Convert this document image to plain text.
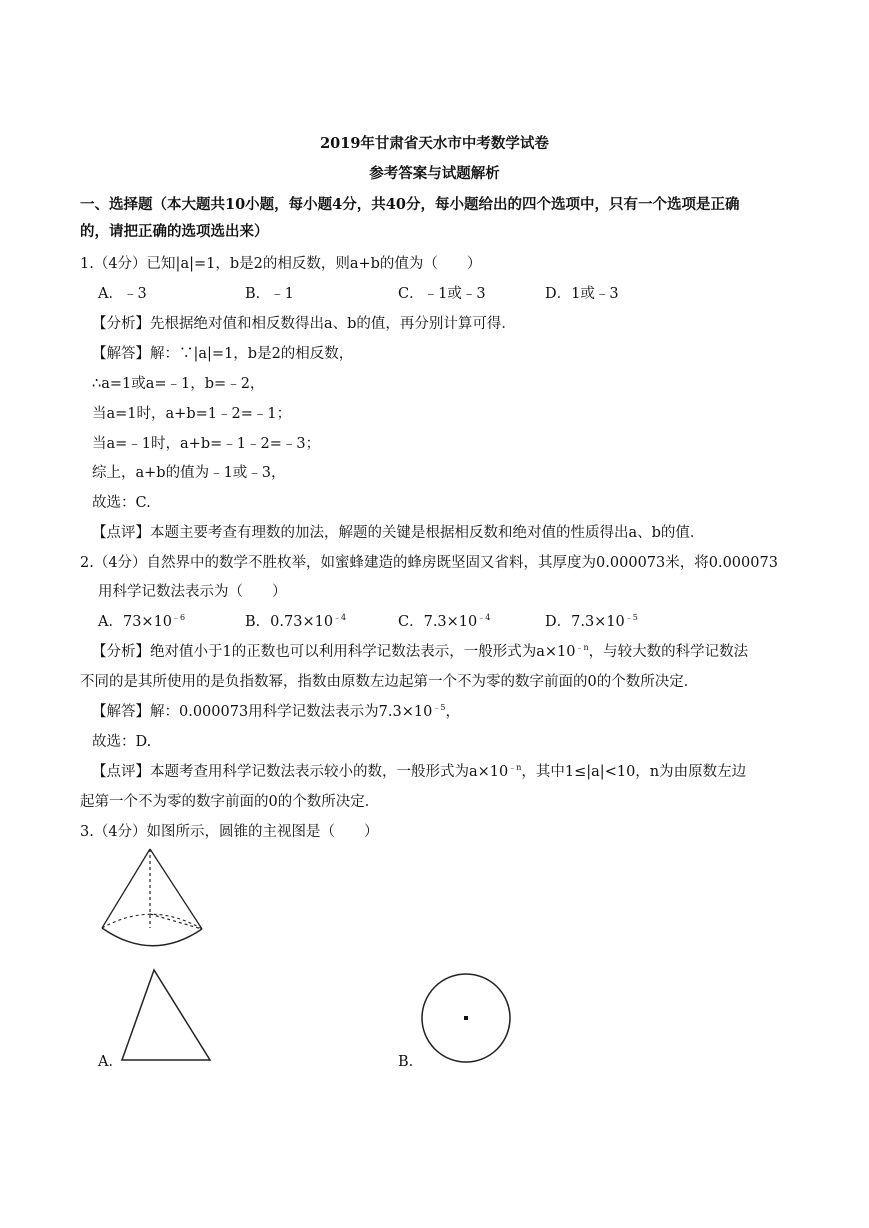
2019年甘肃省天水市中考数学试卷
参考答案与试题解析
一、选择题（本大题共10小题，每小题4分，共40分，每小题给出的四个选项中，只有一个选项是正确
的，请把正确的选项选出来）
1.（4分）已知|a|=1，b是2的相反数，则a+b的值为（　　）
A．﹣3	B．﹣1	C．﹣1或﹣3	D．1或﹣3
【分析】先根据绝对值和相反数得出a、b的值，再分别计算可得．
【解答】解：∵|a|=1，b是2的相反数，
∴a=1或a=﹣1，b=﹣2，
当a=1时，a+b=1﹣2=﹣1；
当a=﹣1时，a+b=﹣1﹣2=﹣3；
综上，a+b的值为﹣1或﹣3，
故选：C.
【点评】本题主要考查有理数的加法，解题的关键是根据相反数和绝对值的性质得出a、b的值．
2.（4分）自然界中的数学不胜枚举，如蜜蜂建造的蜂房既坚固又省料，其厚度为0.000073米，将0.000073
用科学记数法表示为（　　）
A．$73\times 10^{﹣6}$	B．$0.73\times 10^{﹣4}$	C．$7.3\times 10^{﹣4}$	D．$7.3\times 10^{﹣5}$
【分析】绝对值小于1的正数也可以利用科学记数法表示，一般形式为$a\times 10^{﹣n}$，与较大数的科学记数法
不同的是其所使用的是负指数幂，指数由原数左边起第一个不为零的数字前面的0的个数所决定．
【解答】解：0.000073用科学记数法表示为$7.3\times 10^{﹣5}$，
故选：D.
【点评】本题考查用科学记数法表示较小的数，一般形式为$a\times 10^{﹣n}$，其中1≤|a|<10，n为由原数左边
起第一个不为零的数字前面的0的个数所决定．
3.（4分）如图所示，圆锥的主视图是（　　）
A．	B．
